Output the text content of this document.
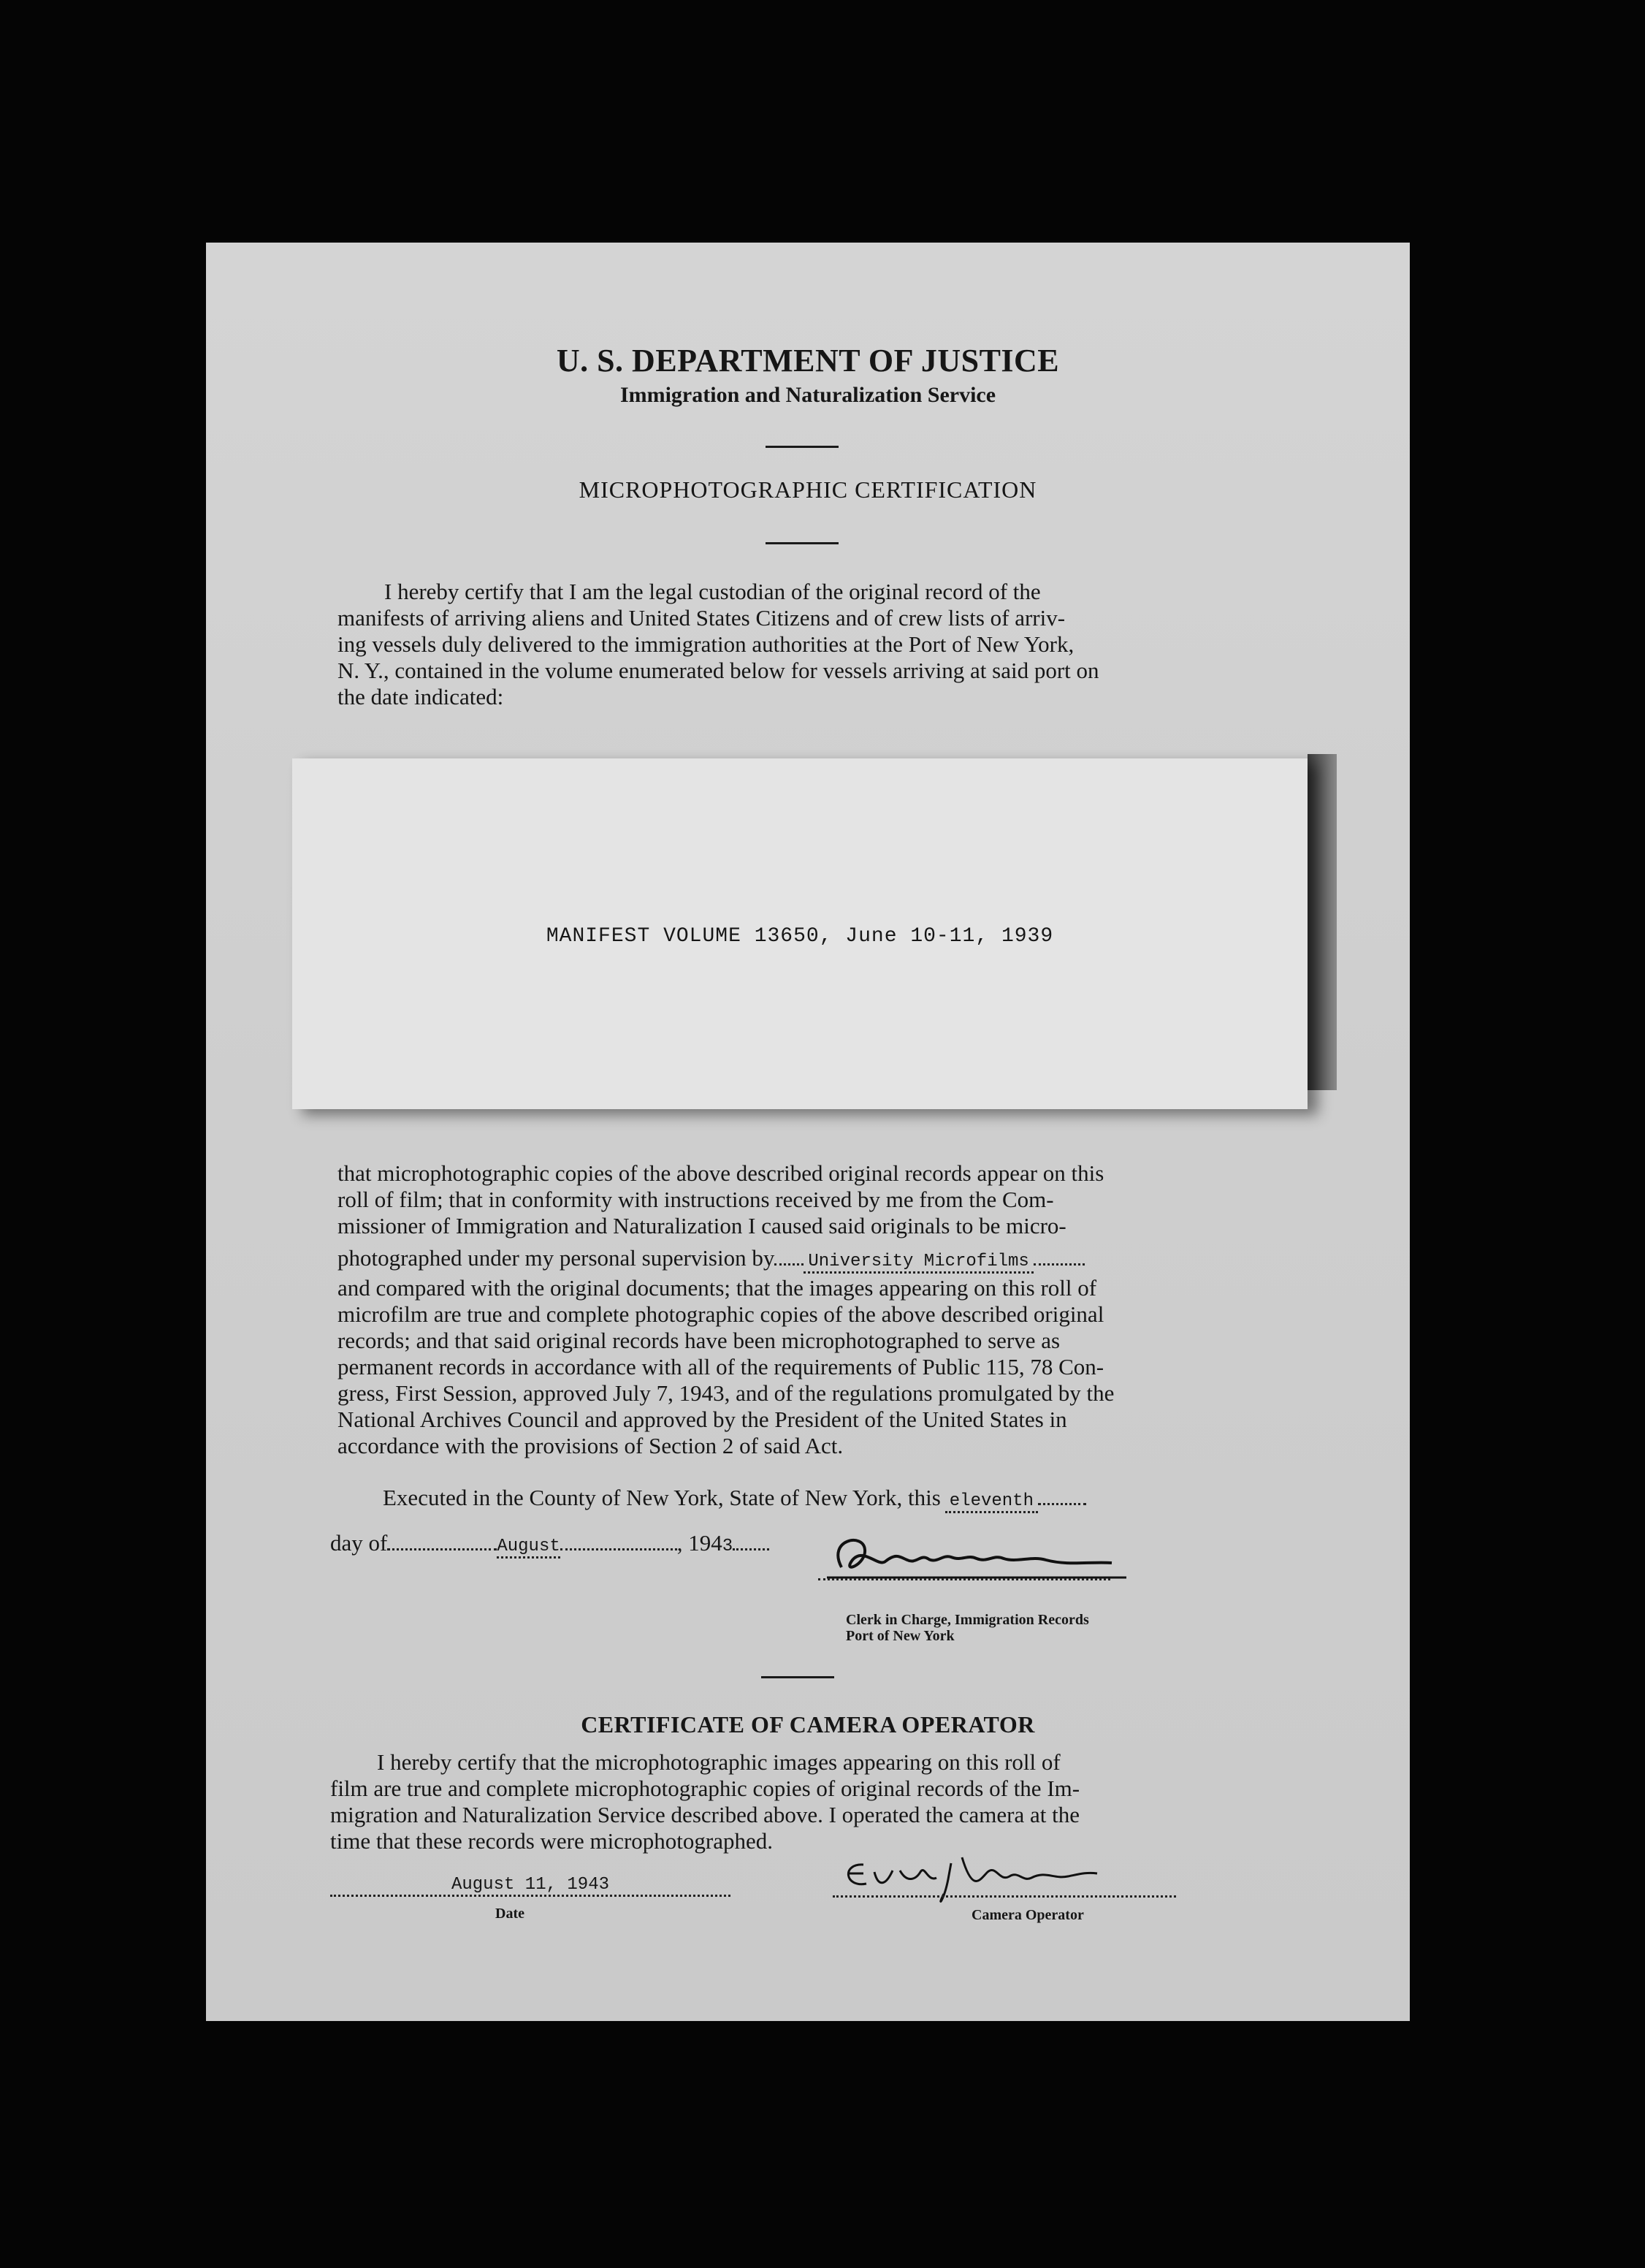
U. S. DEPARTMENT OF JUSTICE
Immigration and Naturalization Service
MICROPHOTOGRAPHIC CERTIFICATION
I hereby certify that I am the legal custodian of the original record of the
manifests of arriving aliens and United States Citizens and of crew lists of arriv-
ing vessels duly delivered to the immigration authorities at the Port of New York,
N. Y., contained in the volume enumerated below for vessels arriving at said port on
the date indicated:
MANIFEST VOLUME 13650, June 10-11, 1939
that microphotographic copies of the above described original records appear on this
roll of film; that in conformity with instructions received by me from the Com-
missioner of Immigration and Naturalization I caused said originals to be micro-
photographed under my personal supervision by University Microfilms
and compared with the original documents; that the images appearing on this roll of
microfilm are true and complete photographic copies of the above described original
records; and that said original records have been microphotographed to serve as
permanent records in accordance with all of the requirements of Public 115, 78 Con-
gress, First Session, approved July 7, 1943, and of the regulations promulgated by the
National Archives Council and approved by the President of the United States in
accordance with the provisions of Section 2 of said Act.
Executed in the County of New York, State of New York, this eleventh
day of	August	, 1943
Clerk in Charge, Immigration Records
Port of New York
CERTIFICATE OF CAMERA OPERATOR
I hereby certify that the microphotographic images appearing on this roll of
film are true and complete microphotographic copies of original records of the Im-
migration and Naturalization Service described above. I operated the camera at the
time that these records were microphotographed.
August 11, 1943
Date	Camera Operator
